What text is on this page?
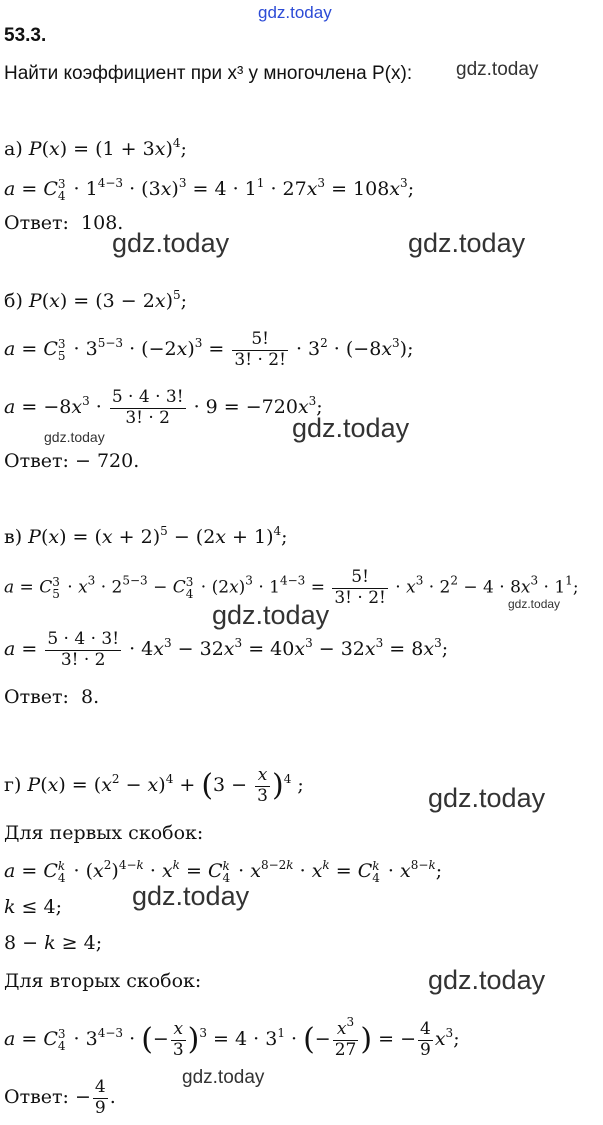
gdz.today
gdz.today
gdz.today	gdz.today
gdz.today	gdz.today
gdz.today	gdz.today
gdz.today
gdz.today
gdz.today
gdz.today
53.3.
Найти коэффициент при x³ у многочлена P(x):
а) $P(x) = (1 + 3x)^4$;
a = C 3
$4 \cdot 1^{4-3} \cdot (3x)^3 = 4 \cdot 1^1 \cdot 27x^3 = 108x^3$;
Ответ: 108.
б) $P(x) = (3 - 2x)^5$;
a = C 3
$5 \cdot 3^{5-3} \cdot (-2x)^3 = \frac{5!}{3! \cdot 2!} \cdot 3^2 \cdot (-8x^3)$;
$a = -8x^3 \cdot \frac{5 \cdot 4 \cdot 3!}{3! \cdot 2} \cdot 9 = -720x^3$;
Ответ: − 720.
в) $P(x) = (x + 2)^5 - (2x + 1)^4$;
a = C 3
$5 \cdot x^3 \cdot 2^{5-3} - C$ 3
$4 \cdot (2x)^3 \cdot 1^{4-3} = \frac{5!}{3! \cdot 2!} \cdot x^3 \cdot 2^2 - 4 \cdot 8x^3 \cdot 1^1$;
$a = \frac{5 \cdot 4 \cdot 3!}{3! \cdot 2} \cdot 4x^3 - 32x^3 = 40x^3 - 32x^3 = 8x^3$;
Ответ: 8.
г) $P(x) = (x^2 - x)^4 + (3 - \frac{x}{3} )^4$ ;
Для первых скобок:
a = C k
$4 \cdot (x^2)^{4-k} \cdot x^k = C$ k
$4 \cdot x^{8-2k} \cdot x^k = C$ k
$4 \cdot x^{8-k}$;
k ≤ 4;
8 − k ≥ 4;
Для вторых скобок:
a = C 3
$4 \cdot 3^{4-3}$ · (− $\frac{x}{3} )^3 = 4 \cdot 3^1$ · (− $\frac{x^3}{27}$ ) = − $\frac{4}{9} x^3$;
Ответ: − $\frac{4}{9}$ .
